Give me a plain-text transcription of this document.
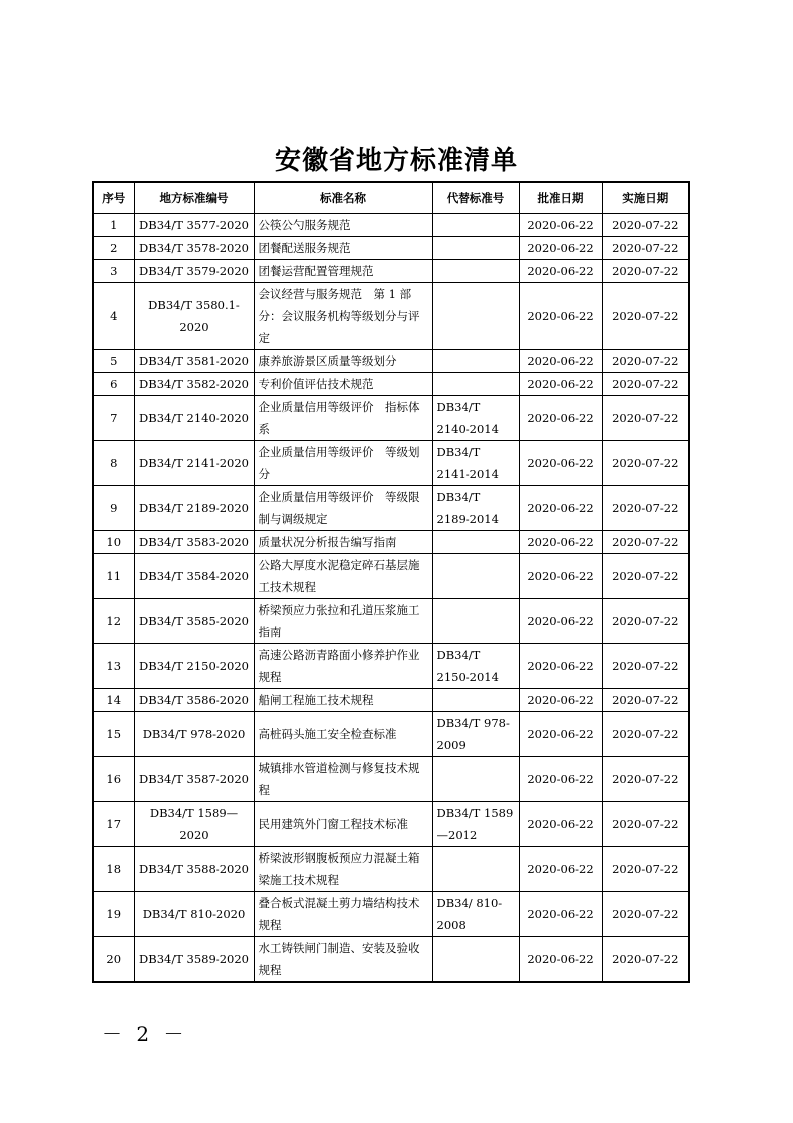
安徽省地方标准清单
序号	地方标准编号	标准名称	代替标准号	批准日期	实施日期
1	DB34/T 3577-2020	公筷公勺服务规范		2020-06-22	2020-07-22
2	DB34/T 3578-2020	团餐配送服务规范		2020-06-22	2020-07-22
3	DB34/T 3579-2020	团餐运营配置管理规范		2020-06-22	2020-07-22
4	DB34/T 3580.1-2020	会议经营与服务规范　第 1 部分：会议服务机构等级划分与评定		2020-06-22	2020-07-22
5	DB34/T 3581-2020	康养旅游景区质量等级划分		2020-06-22	2020-07-22
6	DB34/T 3582-2020	专利价值评估技术规范		2020-06-22	2020-07-22
7	DB34/T 2140-2020	企业质量信用等级评价　指标体系	DB34/T 2140-2014	2020-06-22	2020-07-22
8	DB34/T 2141-2020	企业质量信用等级评价　等级划分	DB34/T 2141-2014	2020-06-22	2020-07-22
9	DB34/T 2189-2020	企业质量信用等级评价　等级限制与调级规定	DB34/T 2189-2014	2020-06-22	2020-07-22
10	DB34/T 3583-2020	质量状况分析报告编写指南		2020-06-22	2020-07-22
11	DB34/T 3584-2020	公路大厚度水泥稳定碎石基层施工技术规程		2020-06-22	2020-07-22
12	DB34/T 3585-2020	桥梁预应力张拉和孔道压浆施工指南		2020-06-22	2020-07-22
13	DB34/T 2150-2020	高速公路沥青路面小修养护作业规程	DB34/T 2150-2014	2020-06-22	2020-07-22
14	DB34/T 3586-2020	船闸工程施工技术规程		2020-06-22	2020-07-22
15	DB34/T 978-2020	高桩码头施工安全检查标准	DB34/T 978-2009	2020-06-22	2020-07-22
16	DB34/T 3587-2020	城镇排水管道检测与修复技术规程		2020-06-22	2020-07-22
17	DB34/T 1589—2020	民用建筑外门窗工程技术标准	DB34/T 1589—2012	2020-06-22	2020-07-22
18	DB34/T 3588-2020	桥梁波形钢腹板预应力混凝土箱梁施工技术规程		2020-06-22	2020-07-22
19	DB34/T 810-2020	叠合板式混凝土剪力墙结构技术规程	DB34/ 810-2008	2020-06-22	2020-07-22
20	DB34/T 3589-2020	水工铸铁闸门制造、安装及验收规程		2020-06-22	2020-07-22
－ 2 －
